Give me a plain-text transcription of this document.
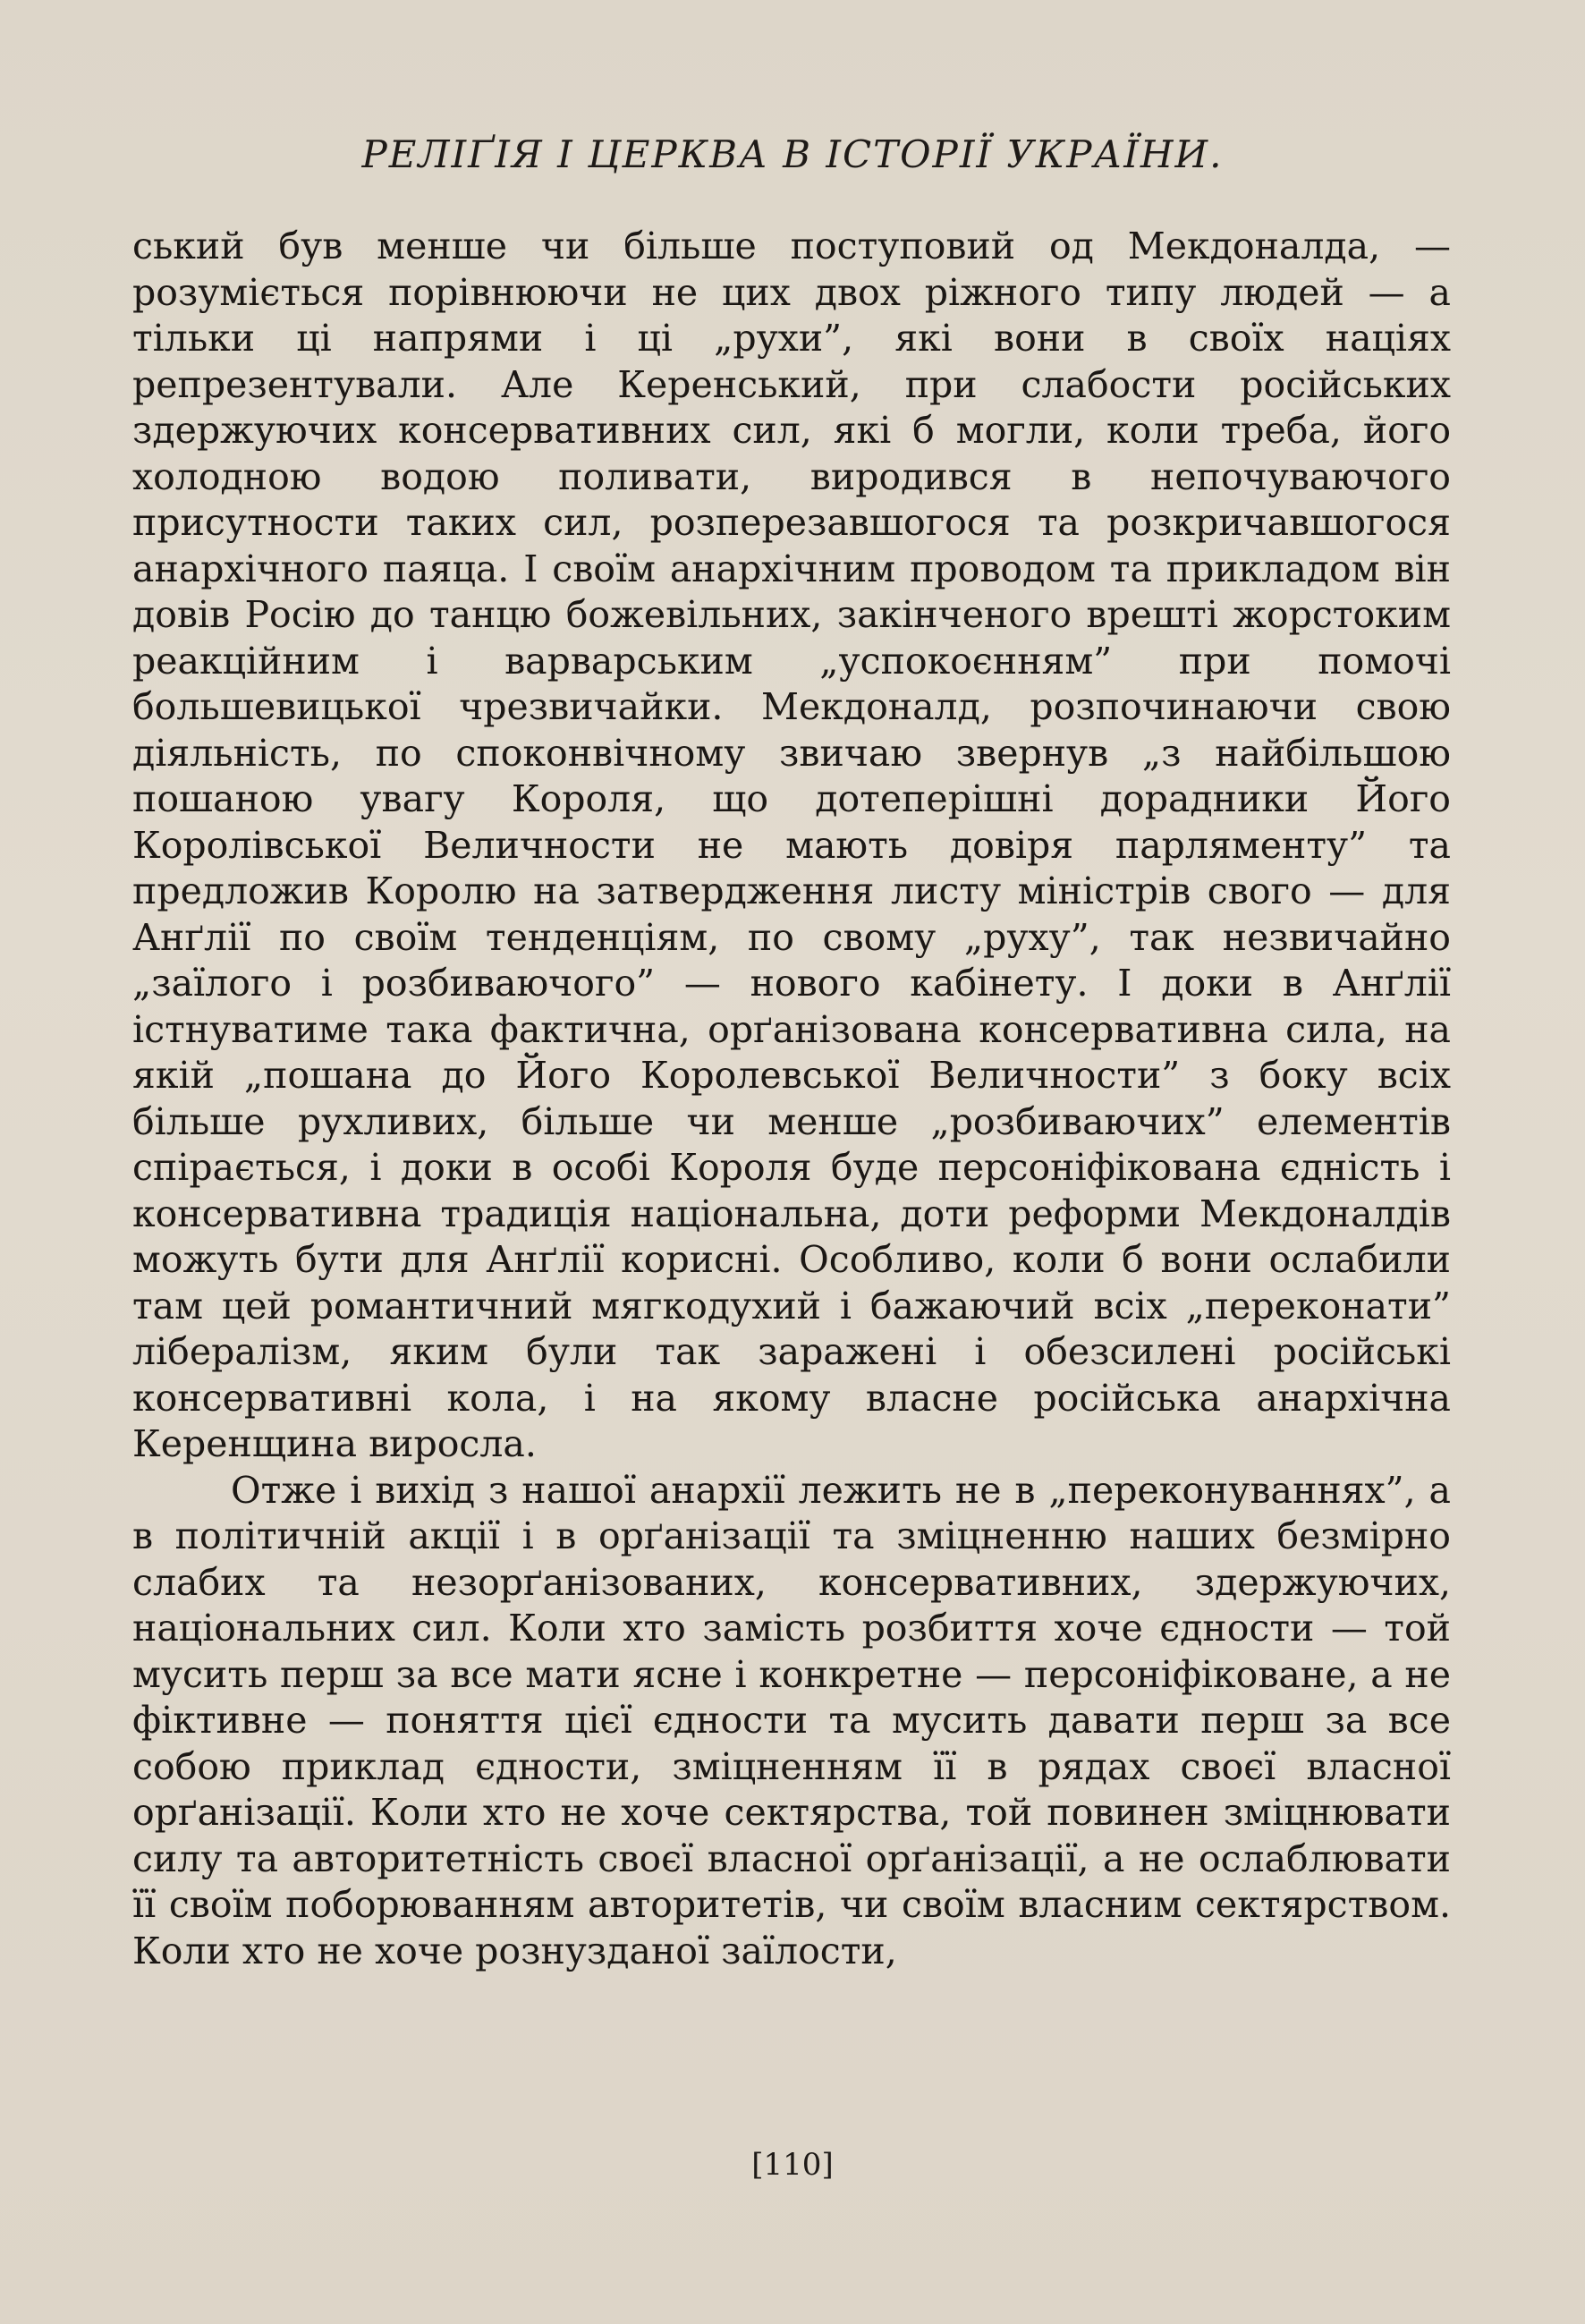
РЕЛІҐІЯ І ЦЕРКВА В ІСТОРІЇ УКРАЇНИ.

ський був менше чи більше поступовий од Мекдоналда, — розуміється порівнюючи не цих двох ріжного типу людей — а тільки ці напрями і ці „рухи”, які вони в своїх націях репрезентували. Але Керенський, при слабости російських здержуючих консервативних сил, які б могли, коли треба, його холодною водою поливати, виродився в непочуваючого присутности таких сил, розперезавшогося та розкричавшогося анархічного паяца. І своїм анархічним проводом та прикладом він довів Росію до танцю божевільних, закінченого врешті жорстоким реакційним і варварським „успокоєнням” при помочі большевицької чрезвичайки. Мекдоналд, розпочинаючи свою діяльність, по споконвічному звичаю звернув „з найбільшою пошаною увагу Короля, що дотеперішні дорадники Його Королівської Величности не мають довіря парляменту” та предложив Королю на затвердження листу міністрів свого — для Анґлії по своїм тенденціям, по свому „руху”, так незвичайно „заїлого і розбиваючого” — нового кабінету. І доки в Анґлії істнуватиме така фактична, орґанізована консервативна сила, на якій „пошана до Його Королевської Величности” з боку всіх більше рухливих, більше чи менше „розбиваючих” елементів спірається, і доки в особі Короля буде персоніфікована єдність і консервативна традиція національна, доти реформи Мекдоналдів можуть бути для Анґлії корисні. Особливо, коли б вони ослабили там цей романтичний мягкодухий і бажаючий всіх „переконати” лібералізм, яким були так заражені і обезсилені російські консервативні кола, і на якому власне російська анархічна Керенщина виросла.

Отже і вихід з нашої анархії лежить не в „переконуваннях”, а в політичній акції і в орґанізації та зміцненню наших безмірно слабих та незорґанізованих, консервативних, здержуючих, національних сил. Коли хто замість розбиття хоче єдности — той мусить перш за все мати ясне і конкретне — персоніфіковане, а не фіктивне — поняття цієї єдности та мусить давати перш за все собою приклад єдности, зміцненням її в рядах своєї власної орґанізації. Коли хто не хоче сектярства, той повинен зміцнювати силу та авторитетність своєї власної орґанізації, а не ослаблювати її своїм поборюванням авторитетів, чи своїм власним сектярством. Коли хто не хоче рознузданої заїлости,

[110]
